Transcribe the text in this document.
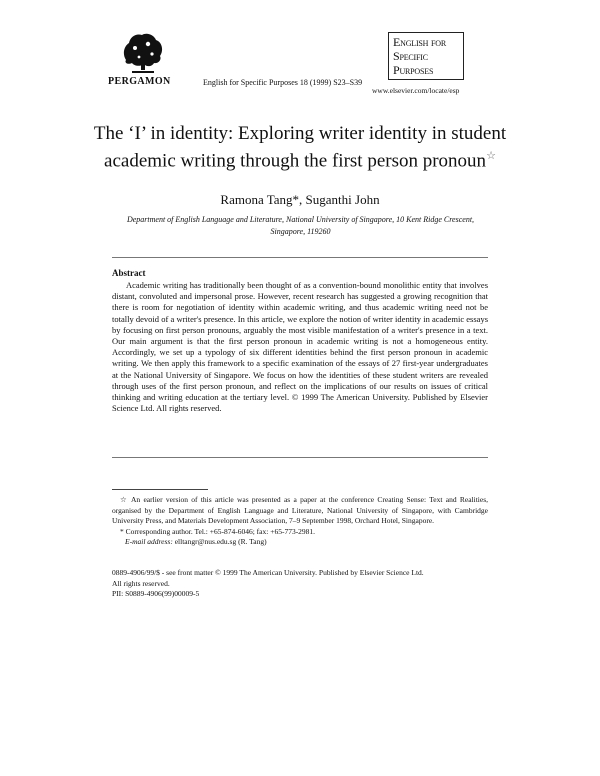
PERGAMON	English for Specific Purposes 18 (1999) S23–S39
English for
Specific
Purposes
www.elsevier.com/locate/esp
The ‘I’ in identity: Exploring writer identity in student academic writing through the first person pronoun☆
Ramona Tang*, Suganthi John
Department of English Language and Literature, National University of Singapore, 10 Kent Ridge Crescent, Singapore, 119260
Abstract
Academic writing has traditionally been thought of as a convention-bound monolithic entity that involves distant, convoluted and impersonal prose. However, recent research has suggested a growing recognition that there is room for negotiation of identity within academic writing, and thus academic writing need not be totally devoid of a writer's presence. In this article, we explore the notion of writer identity in academic essays by focusing on first person pronouns, arguably the most visible manifestation of a writer's presence in a text. Our main argument is that the first person pronoun in academic writing is not a homogeneous entity. Accordingly, we set up a typology of six different identities behind the first person pronoun in academic writing. We then apply this framework to a specific examination of the essays of 27 first-year undergraduates at the National University of Singapore. We focus on how the identities of these student writers are revealed through uses of the first person pronoun, and reflect on the implications of our results on issues of critical thinking and writing education at the tertiary level. © 1999 The American University. Published by Elsevier Science Ltd. All rights reserved.

☆ An earlier version of this article was presented as a paper at the conference Creating Sense: Text and Realities, organised by the Department of English Language and Literature, National University of Singapore, with Cambridge University Press, and Materials Development Association, 7–9 September 1998, Orchard Hotel, Singapore.

* Corresponding author. Tel.: +65-874-6046; fax: +65-773-2981.

E-mail address: elltangr@nus.edu.sg (R. Tang)

0889-4906/99/$ - see front matter © 1999 The American University. Published by Elsevier Science Ltd.

All rights reserved.

PII: S0889-4906(99)00009-5
